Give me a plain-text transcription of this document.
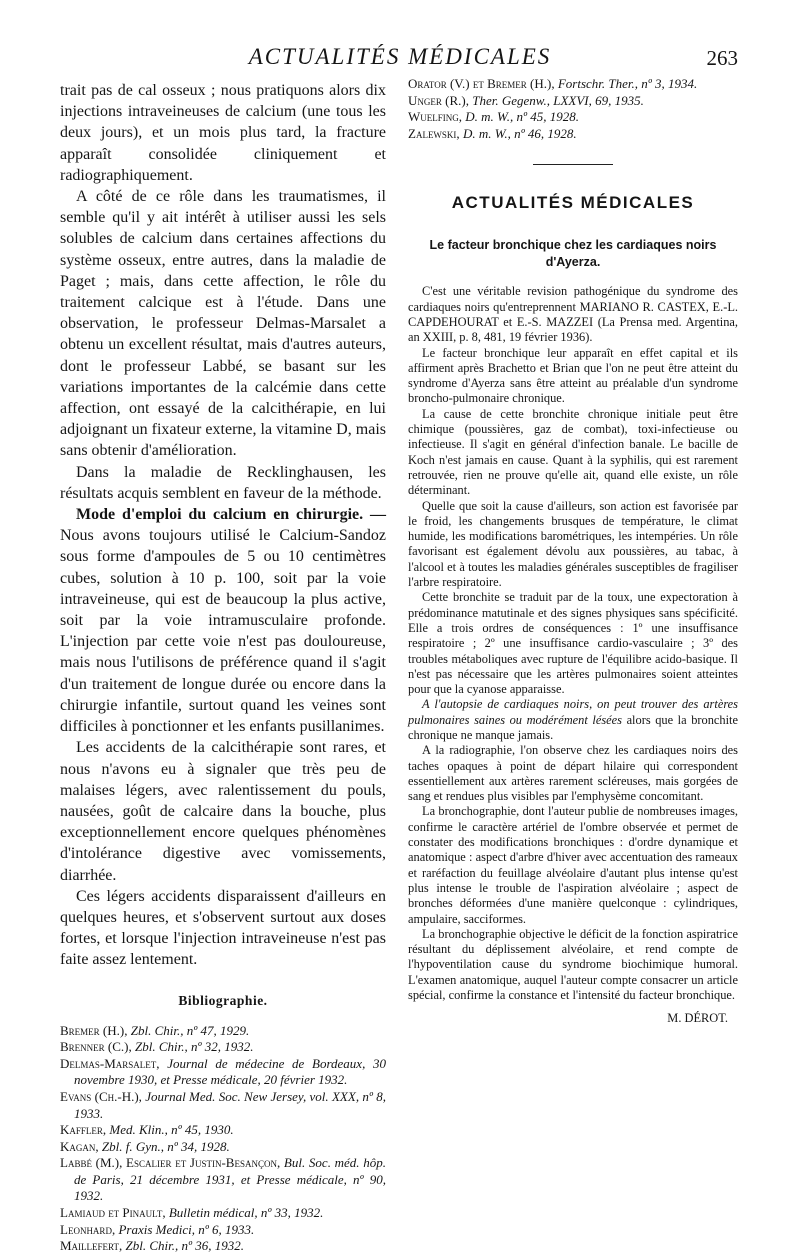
ACTUALITÉS MÉDICALES	263

trait pas de cal osseux ; nous pratiquons alors dix injections intraveineuses de calcium (une tous les deux jours), et un mois plus tard, la fracture apparaît consolidée cliniquement et radiographiquement.

A côté de ce rôle dans les traumatismes, il semble qu'il y ait intérêt à utiliser aussi les sels solubles de calcium dans certaines affections du système osseux, entre autres, dans la maladie de Paget ; mais, dans cette affection, le rôle du traitement calcique est à l'étude. Dans une observation, le professeur Delmas-Marsalet a obtenu un excellent résultat, mais d'autres auteurs, dont le professeur Labbé, se basant sur les variations importantes de la calcémie dans cette affection, ont essayé de la calcithérapie, en lui adjoignant un fixateur externe, la vitamine D, mais sans obtenir d'amélioration.

Dans la maladie de Recklinghausen, les résultats acquis semblent en faveur de la méthode.

Mode d'emploi du calcium en chirurgie. — Nous avons toujours utilisé le Calcium-Sandoz sous forme d'ampoules de 5 ou 10 centimètres cubes, solution à 10 p. 100, soit par la voie intraveineuse, qui est de beaucoup la plus active, soit par la voie intramusculaire profonde. L'injection par cette voie n'est pas douloureuse, mais nous l'utilisons de préférence quand il s'agit d'un traitement de longue durée ou encore dans la chirurgie infantile, surtout quand les veines sont difficiles à ponctionner et les enfants pusillanimes.

Les accidents de la calcithérapie sont rares, et nous n'avons eu à signaler que très peu de malaises légers, avec ralentissement du pouls, nausées, goût de calcaire dans la bouche, plus exceptionnellement encore quelques phénomènes d'intolérance digestive avec vomissements, diarrhée.

Ces légers accidents disparaissent d'ailleurs en quelques heures, et s'observent surtout aux doses fortes, et lorsque l'injection intraveineuse n'est pas faite assez lentement.

Bibliographie.

Bremer (H.), Zbl. Chir., nº 47, 1929.

Brenner (C.), Zbl. Chir., nº 32, 1932.

Delmas-Marsalet, Journal de médecine de Bordeaux, 30 novembre 1930, et Presse médicale, 20 février 1932.

Evans (Ch.-H.), Journal Med. Soc. New Jersey, vol. XXX, nº 8, 1933.

Kaffler, Med. Klin., nº 45, 1930.

Kagan, Zbl. f. Gyn., nº 34, 1928.

Labbé (M.), Escalier et Justin-Besançon, Bul. Soc. méd. hôp. de Paris, 21 décembre 1931, et Presse médicale, nº 90, 1932.

Lamiaud et Pinault, Bulletin médical, nº 33, 1932.

Leonhard, Praxis Medici, nº 6, 1933.

Maillefert, Zbl. Chir., nº 36, 1932.

Orator (V.) et Bremer (H.), Fortschr. Ther., nº 3, 1934.

Unger (R.), Ther. Gegenw., LXXVI, 69, 1935.

Wuelfing, D. m. W., nº 45, 1928.

Zalewski, D. m. W., nº 46, 1928.

ACTUALITÉS MÉDICALES
Le facteur bronchique chez les cardiaques noirs d'Ayerza.

C'est une véritable revision pathogénique du syndrome des cardiaques noirs qu'entreprennent MARIANO R. CASTEX, E.-L. CAPDEHOURAT et E.-S. MAZZEI (La Prensa med. Argentina, an XXIII, p. 8, 481, 19 février 1936).

Le facteur bronchique leur apparaît en effet capital et ils affirment après Brachetto et Brian que l'on ne peut être atteint du syndrome d'Ayerza sans être atteint au préalable d'un syndrome broncho-pulmonaire chronique.

La cause de cette bronchite chronique initiale peut être chimique (poussières, gaz de combat), toxi-infectieuse ou infectieuse. Il s'agit en général d'infection banale. Le bacille de Koch n'est jamais en cause. Quant à la syphilis, qui est rarement retrouvée, rien ne prouve qu'elle ait, quand elle existe, un rôle déterminant.

Quelle que soit la cause d'ailleurs, son action est favorisée par le froid, les changements brusques de température, le climat humide, les modifications barométriques, les intempéries. Un rôle favorisant est également dévolu aux poussières, au tabac, à l'alcool et à toutes les maladies générales susceptibles de fragiliser l'arbre respiratoire.

Cette bronchite se traduit par de la toux, une expectoration à prédominance matutinale et des signes physiques sans spécificité. Elle a trois ordres de conséquences : 1º une insuffisance respiratoire ; 2º une insuffisance cardio-vasculaire ; 3º des troubles métaboliques avec rupture de l'équilibre acido-basique. Il n'est pas nécessaire que les artères pulmonaires soient atteintes pour que la cyanose apparaisse.

A l'autopsie de cardiaques noirs, on peut trouver des artères pulmonaires saines ou modérément lésées alors que la bronchite chronique ne manque jamais.

A la radiographie, l'on observe chez les cardiaques noirs des taches opaques à point de départ hilaire qui correspondent essentiellement aux artères rarement scléreuses, mais gorgées de sang et rendues plus visibles par l'emphysème concomitant.

La bronchographie, dont l'auteur publie de nombreuses images, confirme le caractère artériel de l'ombre observée et permet de constater des modifications bronchiques : d'ordre dynamique et anatomique : aspect d'arbre d'hiver avec accentuation des rameaux et raréfaction du feuillage alvéolaire d'autant plus intense qu'est plus intense le trouble de l'aspiration alvéolaire ; aspect de bronches déformées d'une manière quelconque : cylindriques, ampulaire, sacciformes.

La bronchographie objective le déficit de la fonction aspiratrice résultant du déplissement alvéolaire, et rend compte de l'hypoventilation cause du syndrome biochimique humoral. L'examen anatomique, auquel l'auteur compte consacrer un article spécial, confirme la constance et l'intensité du facteur bronchique.

M. DÉROT.
